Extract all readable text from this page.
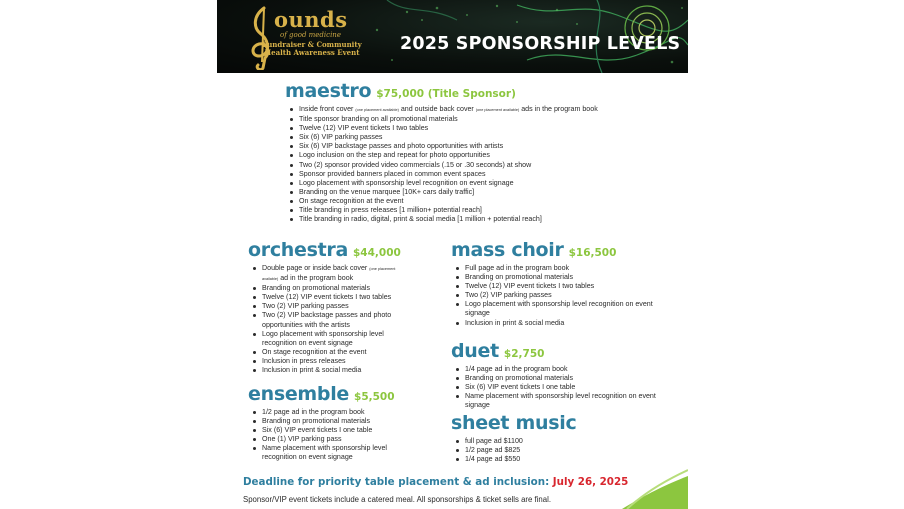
ounds
of good medicine
Fundraiser & Community Health Awareness Event	2025 SPONSORSHIP LEVELS
maestro $75,000 (Title Sponsor)
Inside front cover (one placement available) and outside back cover (one placement available) ads in the program book
Title sponsor branding on all promotional materials
Twelve (12) VIP event tickets I two tables
Six (6) VIP parking passes
Six (6) VIP backstage passes and photo opportunities with artists
Logo inclusion on the step and repeat for photo opportunities
Two (2) sponsor provided video commercials (.15 or .30 seconds) at show
Sponsor provided banners placed in common event spaces
Logo placement with sponsorship level recognition on event signage
Branding on the venue marquee [10K+ cars daily traffic]
On stage recognition at the event
Title branding in press releases [1 million+ potential reach]
Title branding in radio, digital, print & social media [1 million + potential reach]
orchestra $44,000
Double page or inside back cover (one placement available) ad in the program book
Branding on promotional materials
Twelve (12) VIP event tickets I two tables
Two (2) VIP parking passes
Two (2) VIP backstage passes and photo opportunities with the artists
Logo placement with sponsorship level recognition on event signage
On stage recognition at the event
Inclusion in press releases
Inclusion in print & social media
mass choir $16,500
Full page ad in the program book
Branding on promotional materials
Twelve (12) VIP event tickets I two tables
Two (2) VIP parking passes
Logo placement with sponsorship level recognition on event signage
Inclusion in print & social media
ensemble $5,500
1/2 page ad in the program book
Branding on promotional materials
Six (6) VIP event tickets I one table
One (1) VIP parking pass
Name placement with sponsorship level recognition on event signage
duet $2,750
1/4 page ad in the program book
Branding on promotional materials
Six (6) VIP event tickets I one table
Name placement with sponsorship level recognition on event signage
sheet music
full page ad $1100
1/2 page ad $825
1/4 page ad $550
Deadline for priority table placement & ad inclusion: July 26, 2025
Sponsor/VIP event tickets include a catered meal. All sponsorships & ticket sells are final.
